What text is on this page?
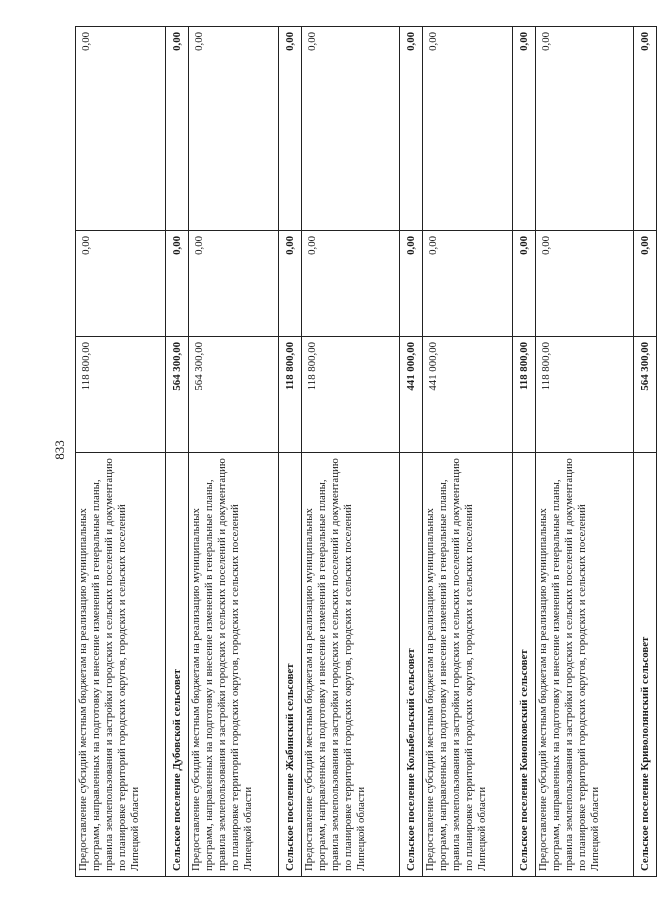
833
Предоставление субсидий местным бюджетам на реализацию муниципальных программ, направленных на подготовку и внесение изменений в генеральные планы, правила землепользования и застройки городских и сельских поселений и документацию по планировке территорий городских округов, городских и сельских поселений Липецкой области	118 800,00	0,00	0,00
Сельское поселение Дубовской сельсовет	564 300,00	0,00	0,00
Предоставление субсидий местным бюджетам на реализацию муниципальных программ, направленных на подготовку и внесение изменений в генеральные планы, правила землепользования и застройки городских и сельских поселений и документацию по планировке территорий городских округов, городских и сельских поселений Липецкой области	564 300,00	0,00	0,00
Сельское поселение Жабинский сельсовет	118 800,00	0,00	0,00
Предоставление субсидий местным бюджетам на реализацию муниципальных программ, направленных на подготовку и внесение изменений в генеральные планы, правила землепользования и застройки городских и сельских поселений и документацию по планировке территорий городских округов, городских и сельских поселений Липецкой области	118 800,00	0,00	0,00
Сельское поселение Колыбельский сельсовет	441 000,00	0,00	0,00
Предоставление субсидий местным бюджетам на реализацию муниципальных программ, направленных на подготовку и внесение изменений в генеральные планы, правила землепользования и застройки городских и сельских поселений и документацию по планировке территорий городских округов, городских и сельских поселений Липецкой области	441 000,00	0,00	0,00
Сельское поселение Конопковский сельсовет	118 800,00	0,00	0,00
Предоставление субсидий местным бюджетам на реализацию муниципальных программ, направленных на подготовку и внесение изменений в генеральные планы, правила землепользования и застройки городских и сельских поселений и документацию по планировке территорий городских округов, городских и сельских поселений Липецкой области	118 800,00	0,00	0,00
Сельское поселение Кривололянский сельсовет	564 300,00	0,00	0,00
